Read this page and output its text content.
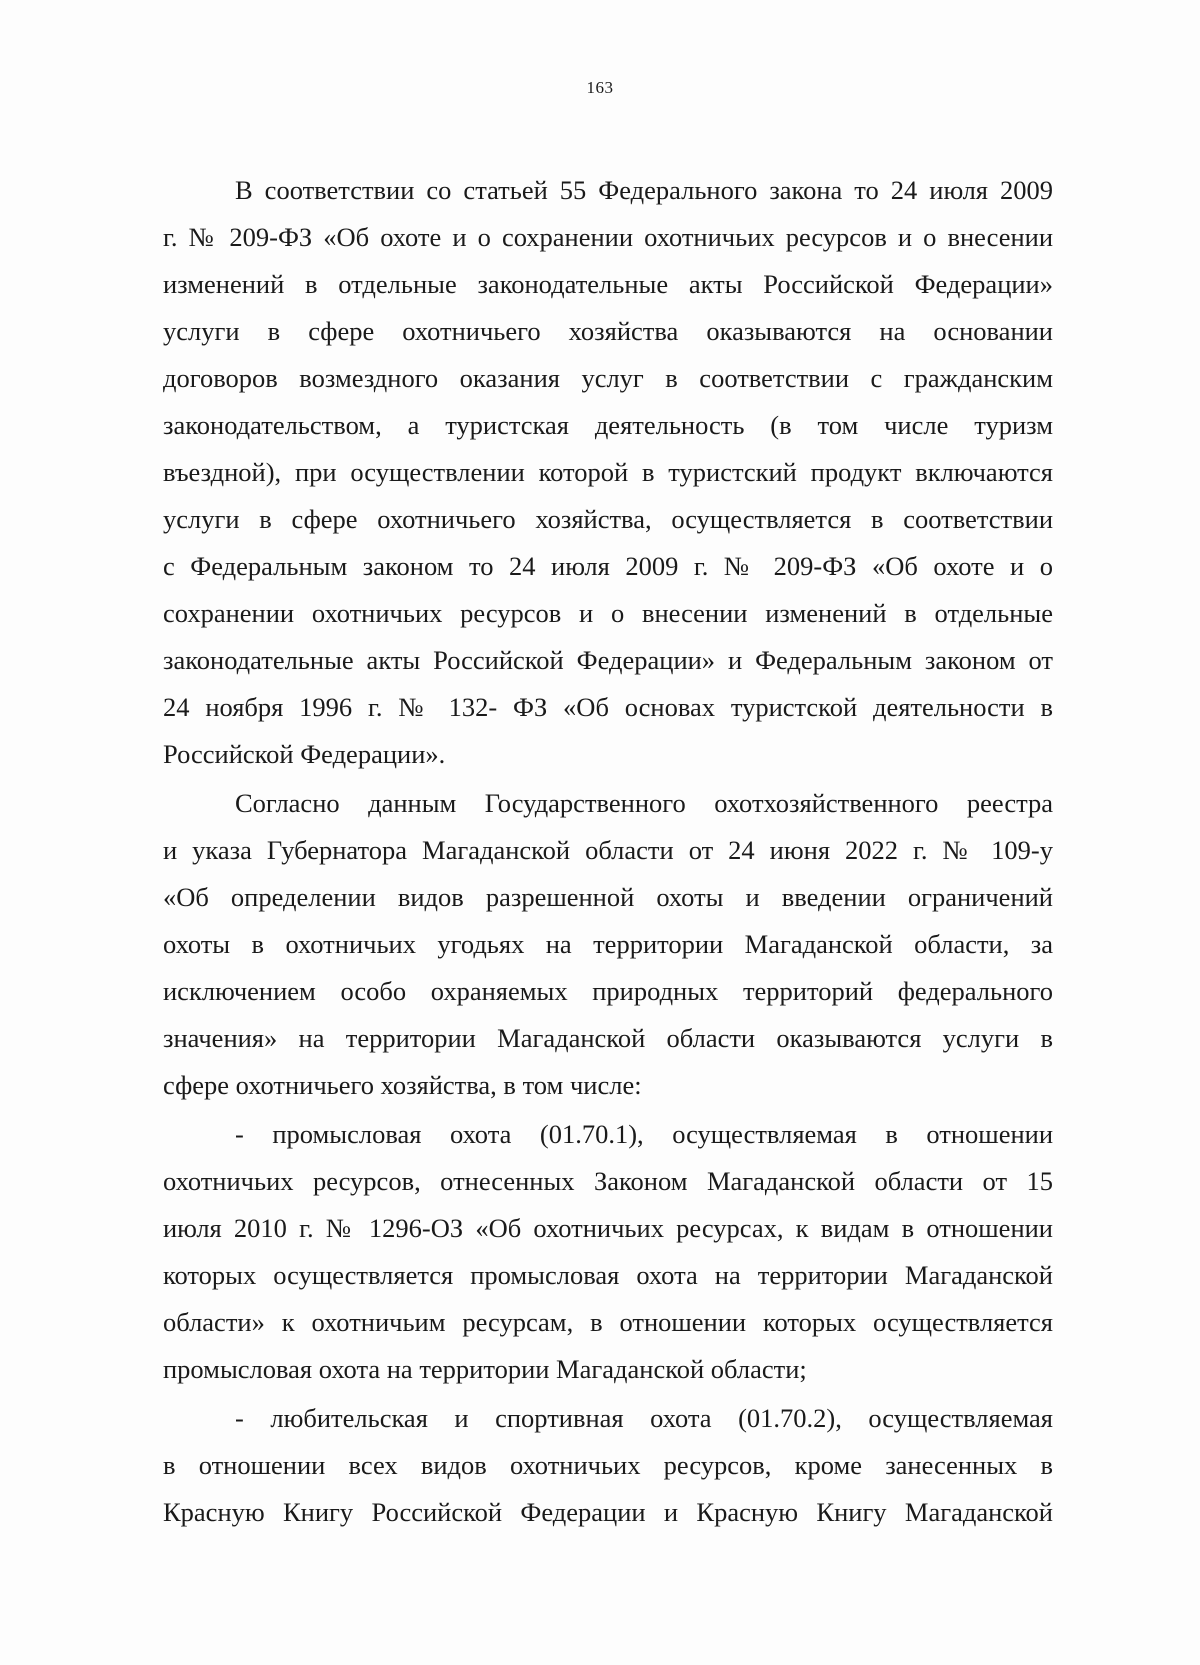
163
В соответствии со статьей 55 Федерального закона то 24 июля 2009
г. № 209-ФЗ «Об охоте и о сохранении охотничьих ресурсов и о внесении
изменений в отдельные законодательные акты Российской Федерации»
услуги в сфере охотничьего хозяйства оказываются на основании
договоров возмездного оказания услуг в соответствии с гражданским
законодательством, а туристская деятельность (в том числе туризм
въездной), при осуществлении которой в туристский продукт включаются
услуги в сфере охотничьего хозяйства, осуществляется в соответствии
с Федеральным законом то 24 июля 2009 г. № 209-ФЗ «Об охоте и о
сохранении охотничьих ресурсов и о внесении изменений в отдельные
законодательные акты Российской Федерации» и Федеральным законом от
24 ноября 1996 г. № 132- ФЗ «Об основах туристской деятельности в
Российской Федерации».
Согласно данным Государственного охотхозяйственного реестра
и указа Губернатора Магаданской области от 24 июня 2022 г. № 109-у
«Об определении видов разрешенной охоты и введении ограничений
охоты в охотничьих угодьях на территории Магаданской области, за
исключением особо охраняемых природных территорий федерального
значения» на территории Магаданской области оказываются услуги в
сфере охотничьего хозяйства, в том числе:
- промысловая охота (01.70.1), осуществляемая в отношении
охотничьих ресурсов, отнесенных Законом Магаданской области от 15
июля 2010 г. № 1296-ОЗ «Об охотничьих ресурсах, к видам в отношении
которых осуществляется промысловая охота на территории Магаданской
области» к охотничьим ресурсам, в отношении которых осуществляется
промысловая охота на территории Магаданской области;
- любительская и спортивная охота (01.70.2), осуществляемая
в отношении всех видов охотничьих ресурсов, кроме занесенных в
Красную Книгу Российской Федерации и Красную Книгу Магаданской
